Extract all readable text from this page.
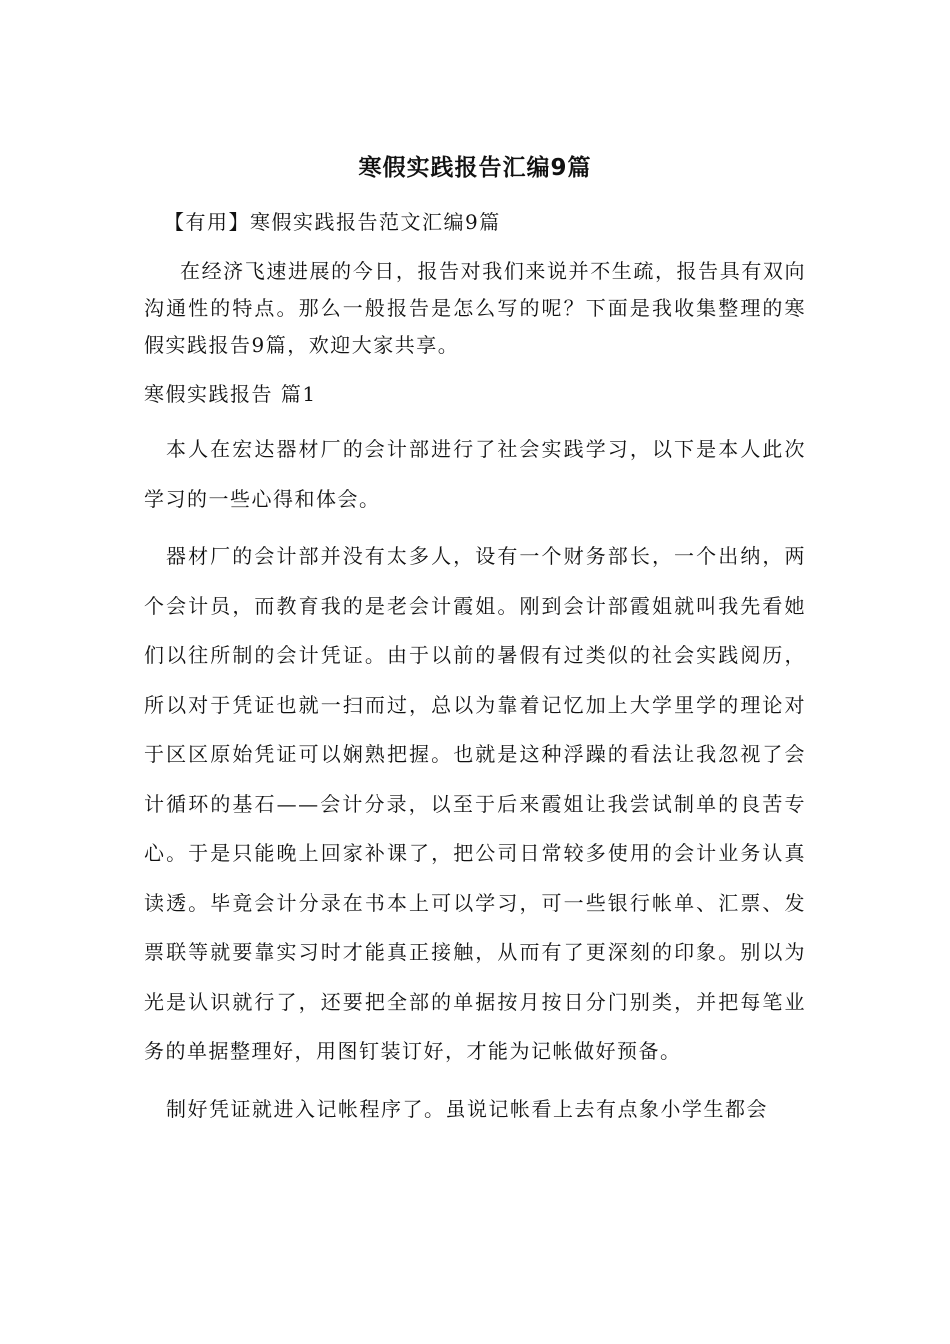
寒假实践报告汇编9篇

【有用】寒假实践报告范文汇编9篇

在经济飞速进展的今日，报告对我们来说并不生疏，报告具有双向沟通性的特点。那么一般报告是怎么写的呢？下面是我收集整理的寒假实践报告9篇，欢迎大家共享。

寒假实践报告 篇1

本人在宏达器材厂的会计部进行了社会实践学习，以下是本人此次学习的一些心得和体会。

器材厂的会计部并没有太多人，设有一个财务部长，一个出纳，两个会计员，而教育我的是老会计霞姐。刚到会计部霞姐就叫我先看她们以往所制的会计凭证。由于以前的暑假有过类似的社会实践阅历，所以对于凭证也就一扫而过，总以为靠着记忆加上大学里学的理论对于区区原始凭证可以娴熟把握。也就是这种浮躁的看法让我忽视了会计循环的基石——会计分录，以至于后来霞姐让我尝试制单的良苦专心。于是只能晚上回家补课了，把公司日常较多使用的会计业务认真读透。毕竟会计分录在书本上可以学习，可一些银行帐单、汇票、发票联等就要靠实习时才能真正接触，从而有了更深刻的印象。别以为光是认识就行了，还要把全部的单据按月按日分门别类，并把每笔业务的单据整理好，用图钉装订好，才能为记帐做好预备。

制好凭证就进入记帐程序了。虽说记帐看上去有点象小学生都会
